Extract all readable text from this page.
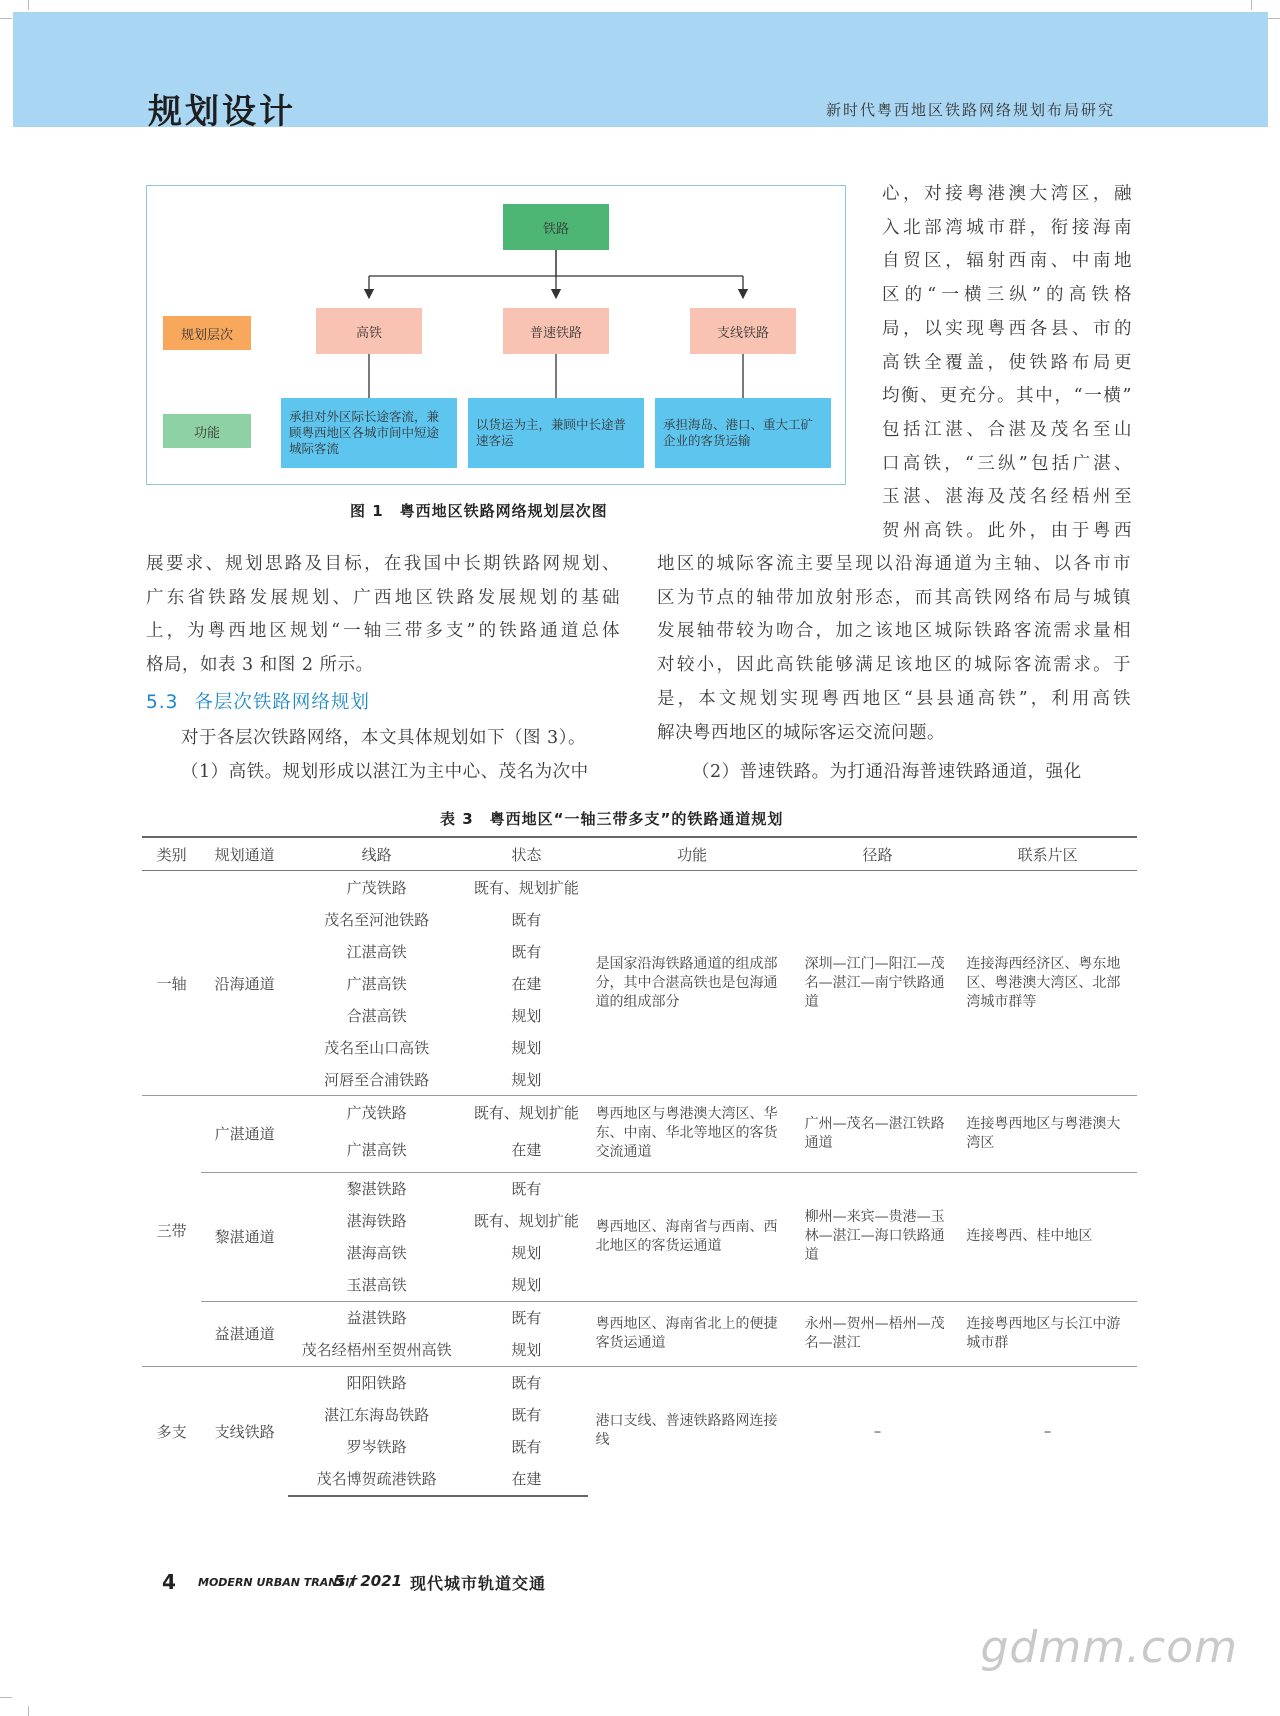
规划设计	新时代粤西地区铁路网络规划布局研究
铁路
规划层次
功能
高铁	普速铁路	支线铁路
承担对外区际长途客流，兼顾粤西地区各城市间中短途城际客流
以货运为主，兼顾中长途普速客运
承担海岛、港口、重大工矿企业的客货运输
图 1　粤西地区铁路网络规划层次图
心，对接粤港澳大湾区，融
入北部湾城市群，衔接海南
自贸区，辐射西南、中南地
区的“一横三纵”的高铁格
局，以实现粤西各县、市的
高铁全覆盖，使铁路布局更
均衡、更充分。其中，“一横”
包括江湛、合湛及茂名至山
口高铁，“三纵”包括广湛、
玉湛、湛海及茂名经梧州至
贺州高铁。此外，由于粤西
展要求、规划思路及目标，在我国中长期铁路网规划、
广东省铁路发展规划、广西地区铁路发展规划的基础
上，为粤西地区规划“一轴三带多支”的铁路通道总体
格局，如表 3 和图 2 所示。
5.3 各层次铁路网络规划
对于各层次铁路网络，本文具体规划如下（图 3）。
（1）高铁。规划形成以湛江为主中心、茂名为次中
地区的城际客流主要呈现以沿海通道为主轴、以各市市
区为节点的轴带加放射形态，而其高铁网络布局与城镇
发展轴带较为吻合，加之该地区城际铁路客流需求量相
对较小，因此高铁能够满足该地区的城际客流需求。于
是，本文规划实现粤西地区“县县通高铁”，利用高铁
解决粤西地区的城际客运交流问题。
（2）普速铁路。为打通沿海普速铁路通道，强化
表 3　粤西地区“一轴三带多支”的铁路通道规划
类别	规划通道	线路	状态	功能	径路	联系片区
一轴	沿海通道	广茂铁路	既有、规划扩能	是国家沿海铁路通道的组成部分，其中合湛高铁也是包海通道的组成部分	深圳—江门—阳江—茂名—湛江—南宁铁路通道	连接海西经济区、粤东地区、粤港澳大湾区、北部湾城市群等
		茂名至河池铁路	既有			
		江湛高铁	既有			
		广湛高铁	在建			
		合湛高铁	规划			
		茂名至山口高铁	规划			
		河唇至合浦铁路	规划			
三带	广湛通道	广茂铁路	既有、规划扩能	粤西地区与粤港澳大湾区、华东、中南、华北等地区的客货交流通道	广州—茂名—湛江铁路通道	连接粤西地区与粤港澳大湾区
		广湛高铁	在建			
	黎湛通道	黎湛铁路	既有	粤西地区、海南省与西南、西北地区的客货运通道	柳州—来宾—贵港—玉林—湛江—海口铁路通道	连接粤西、桂中地区
		湛海铁路	既有、规划扩能			
		湛海高铁	规划			
		玉湛高铁	规划			
	益湛通道	益湛铁路	既有	粤西地区、海南省北上的便捷客货运通道	永州—贺州—梧州—茂名—湛江	连接粤西地区与长江中游城市群
		茂名经梧州至贺州高铁	规划			
多支	支线铁路	阳阳铁路	既有	港口支线、普速铁路路网连接线	–	–
		湛江东海岛铁路	既有			
		罗岑铁路	既有			
		茂名博贺疏港铁路	在建			
4 MODERN URBAN TRANSIT
5 / 2021 现代城市轨道交通
gdmm.com
